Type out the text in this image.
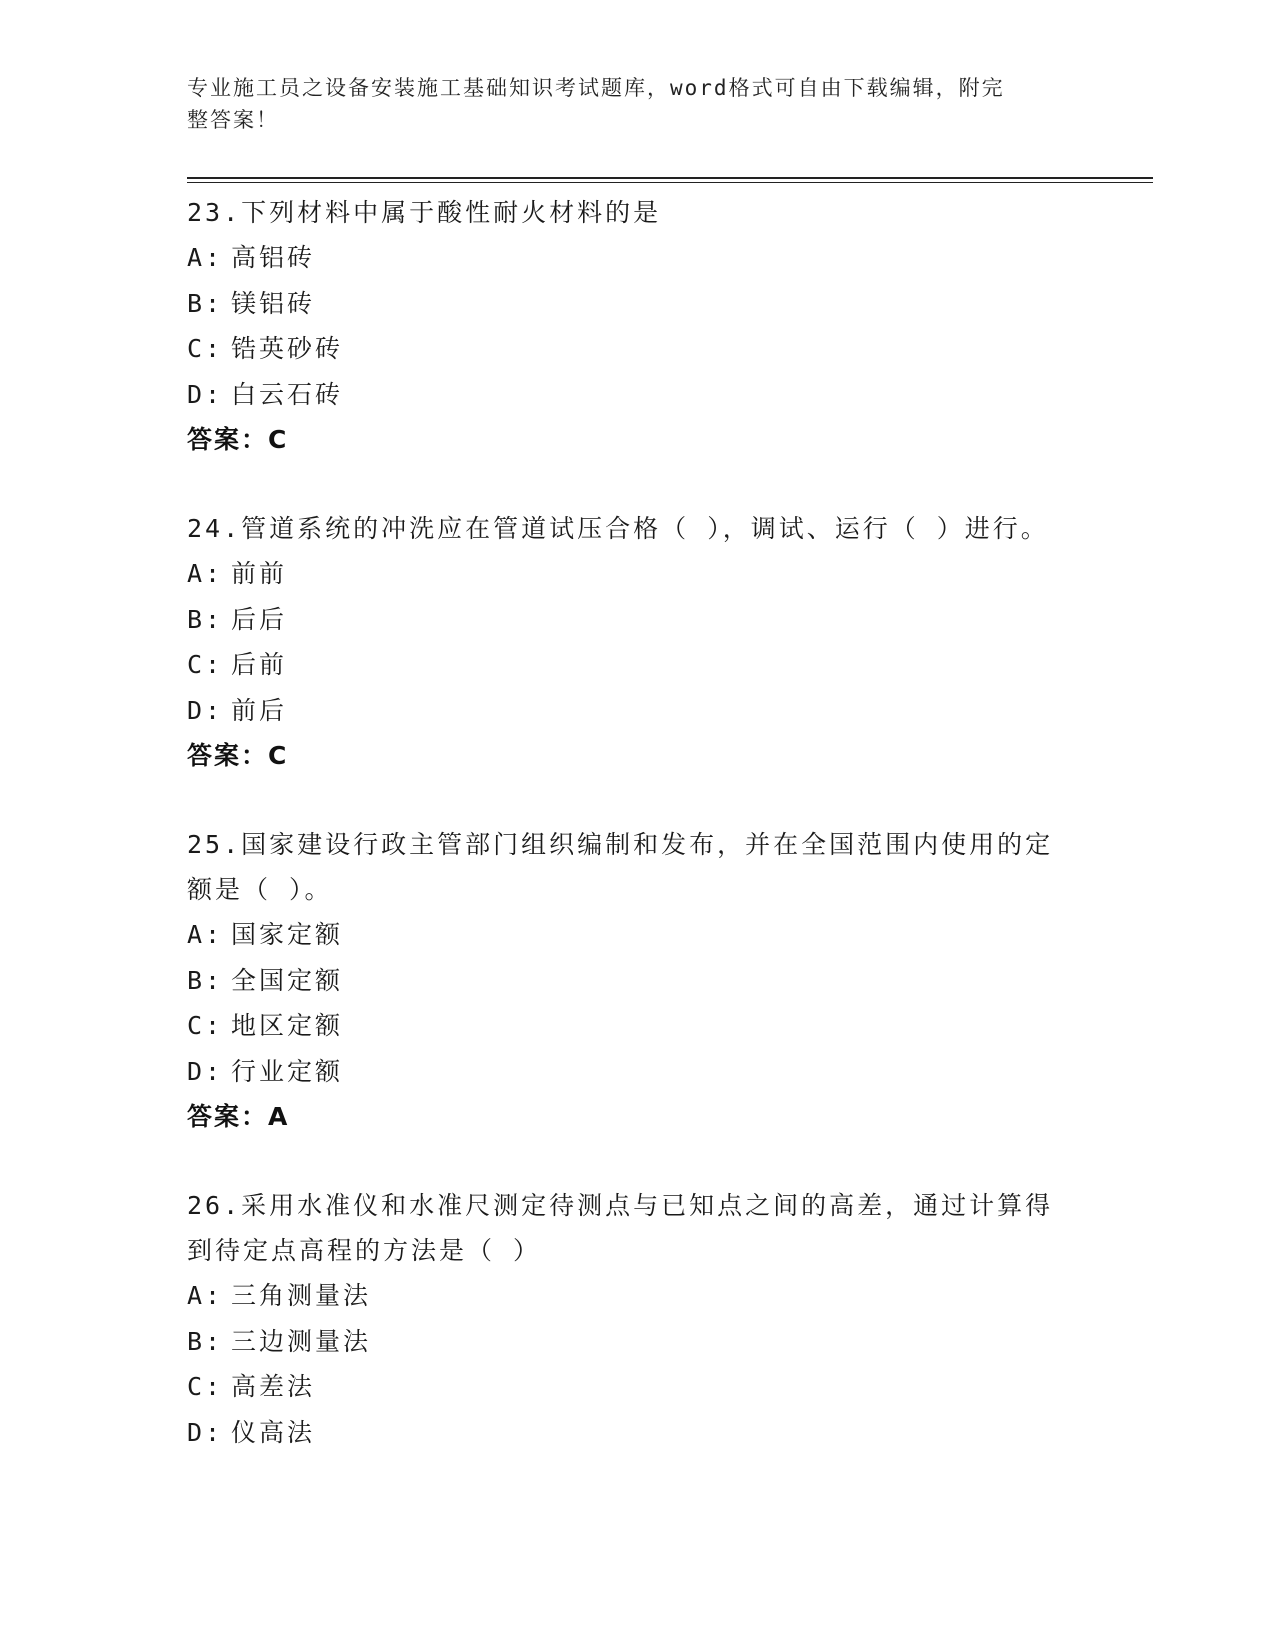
专业施工员之设备安装施工基础知识考试题库，word格式可自由下载编辑，附完
整答案！
23.下列材料中属于酸性耐火材料的是
A: 高铝砖
B: 镁铝砖
C: 锆英砂砖
D: 白云石砖
答案：C
24.管道系统的冲洗应在管道试压合格（ ），调试、运行（ ）进行。
A: 前前
B: 后后
C: 后前
D: 前后
答案：C
25.国家建设行政主管部门组织编制和发布，并在全国范围内使用的定
额是（ ）。
A: 国家定额
B: 全国定额
C: 地区定额
D: 行业定额
答案：A
26.采用水准仪和水准尺测定待测点与已知点之间的高差，通过计算得
到待定点高程的方法是（ ）
A: 三角测量法
B: 三边测量法
C: 高差法
D: 仪高法
